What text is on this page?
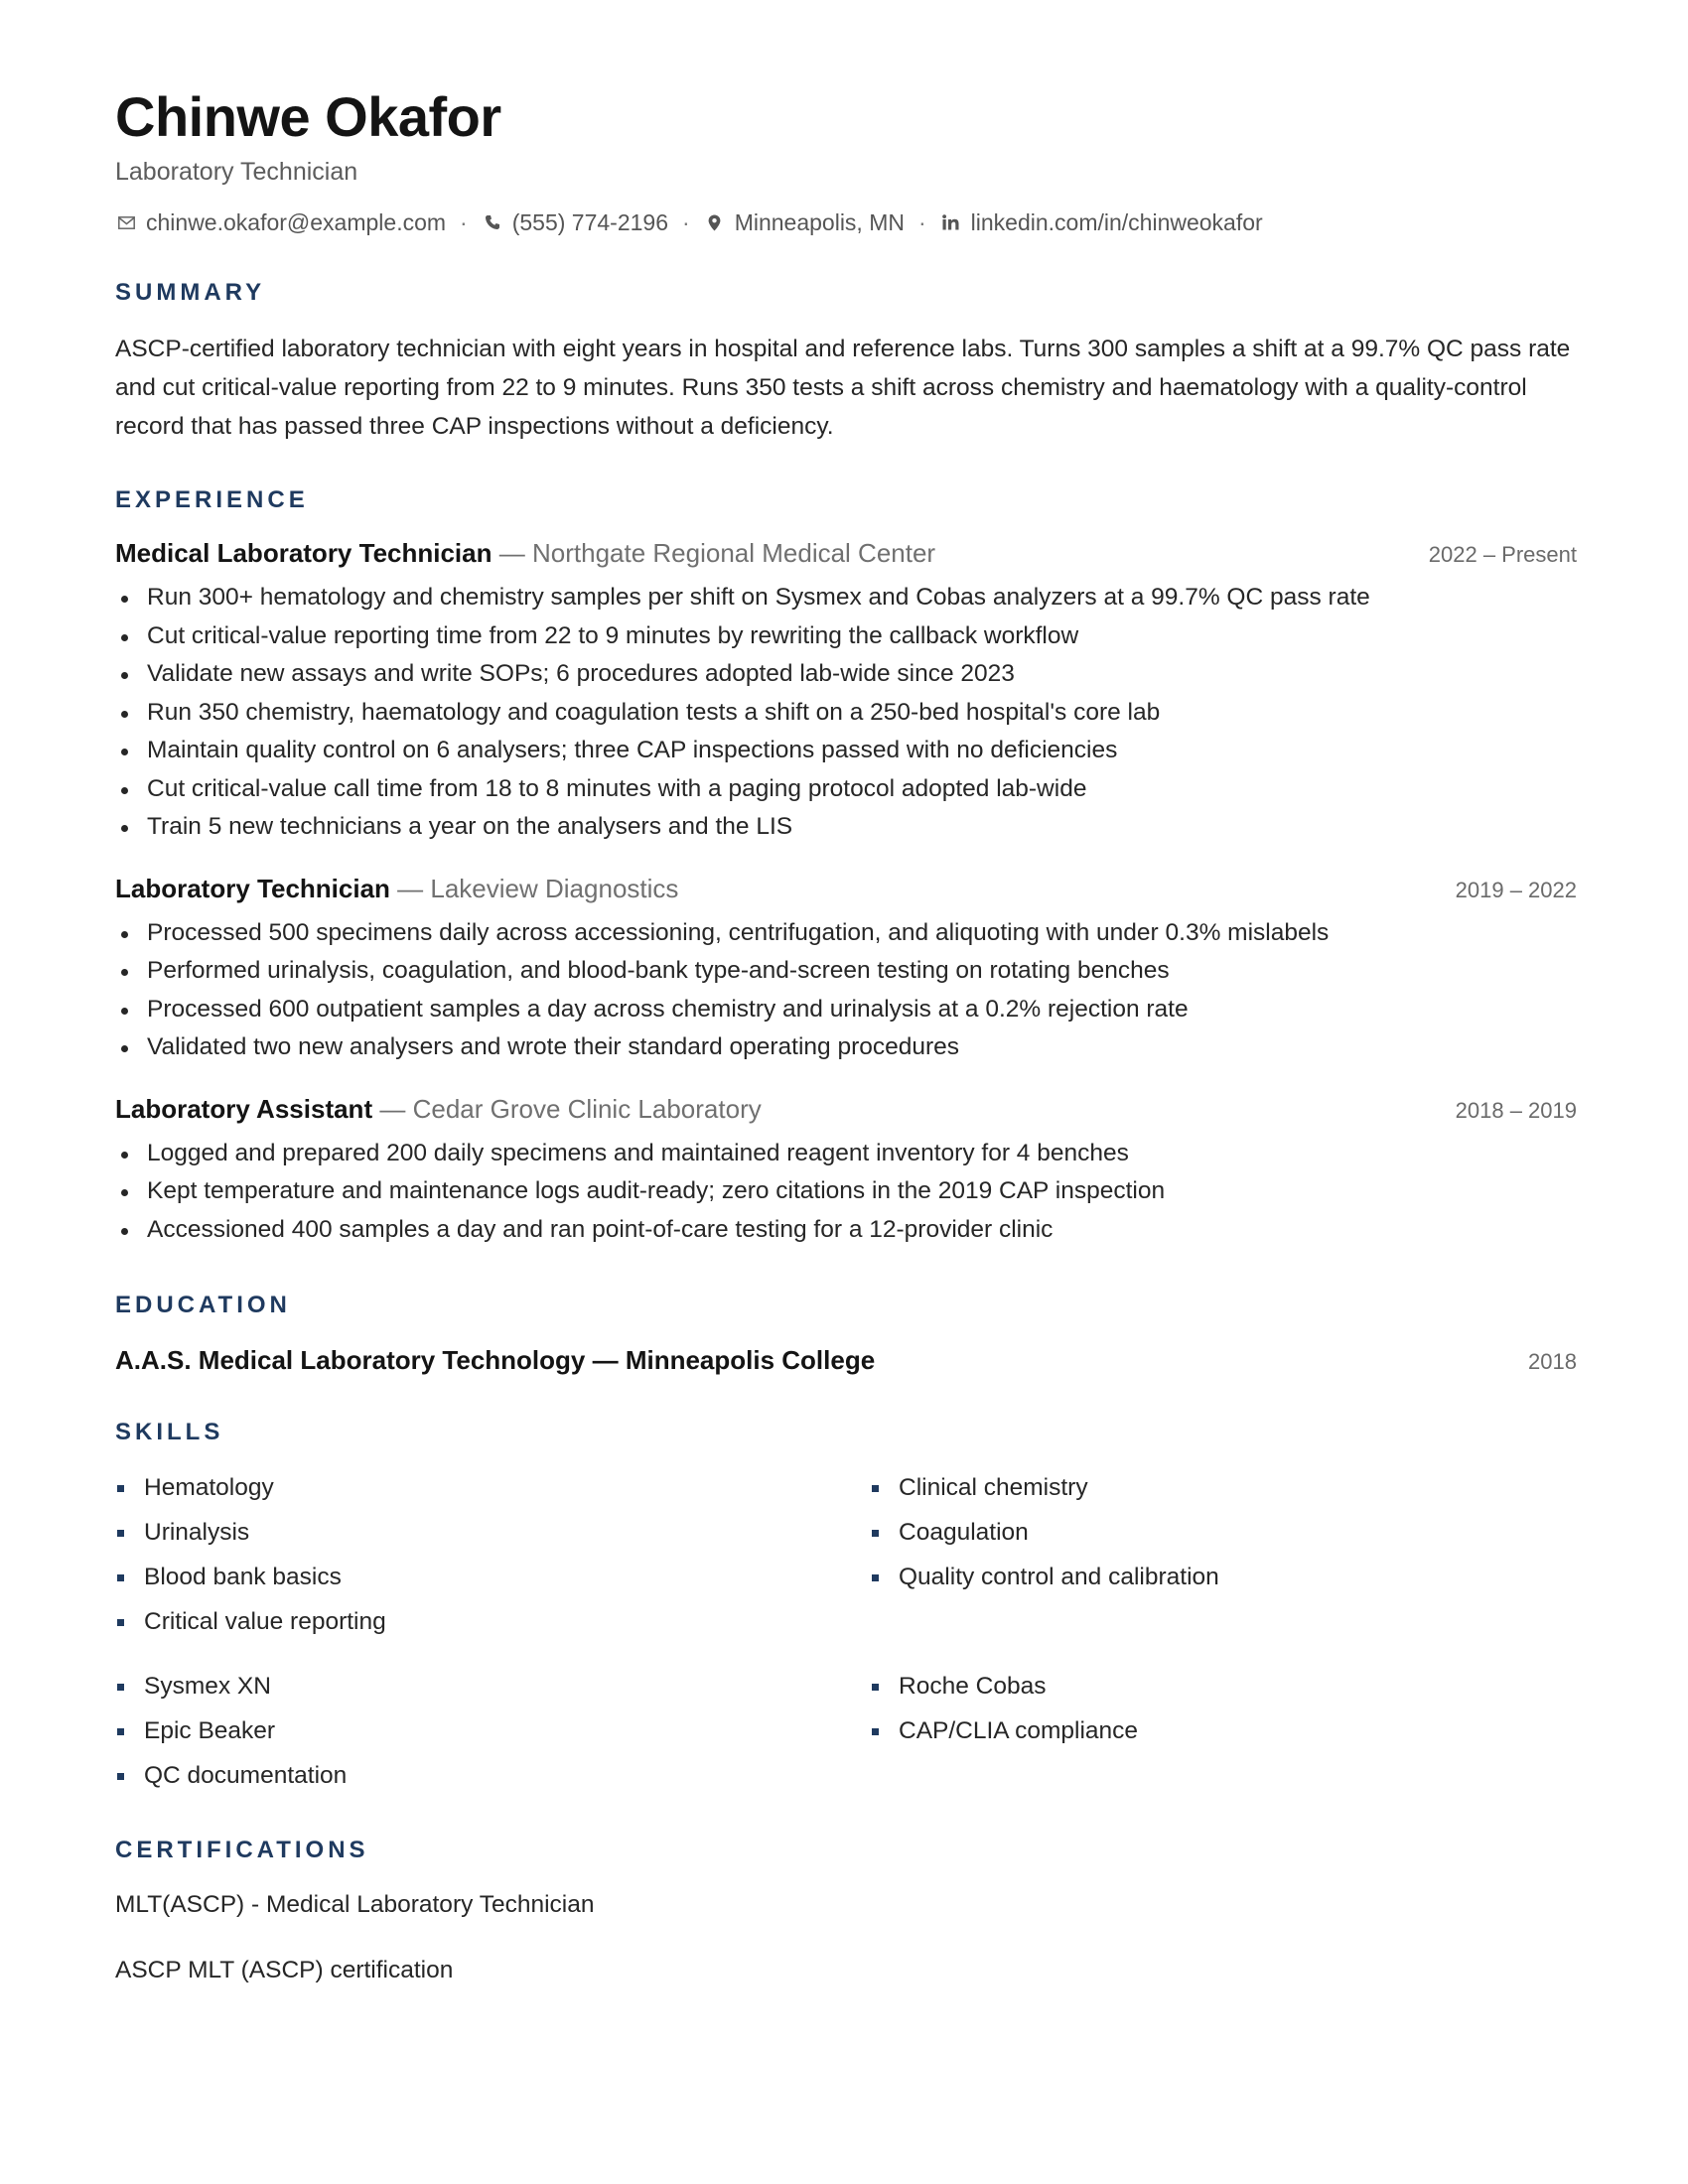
Chinwe Okafor
Laboratory Technician
chinwe.okafor@example.com · (555) 774-2196 · Minneapolis, MN · linkedin.com/in/chinweokafor
SUMMARY

ASCP-certified laboratory technician with eight years in hospital and reference labs. Turns 300 samples a shift at a 99.7% QC pass rate and cut critical-value reporting from 22 to 9 minutes. Runs 350 tests a shift across chemistry and haematology with a quality-control record that has passed three CAP inspections without a deficiency.

EXPERIENCE
Medical Laboratory Technician — Northgate Regional Medical Center	2022 – Present
Run 300+ hematology and chemistry samples per shift on Sysmex and Cobas analyzers at a 99.7% QC pass rate
Cut critical-value reporting time from 22 to 9 minutes by rewriting the callback workflow
Validate new assays and write SOPs; 6 procedures adopted lab-wide since 2023
Run 350 chemistry, haematology and coagulation tests a shift on a 250-bed hospital's core lab
Maintain quality control on 6 analysers; three CAP inspections passed with no deficiencies
Cut critical-value call time from 18 to 8 minutes with a paging protocol adopted lab-wide
Train 5 new technicians a year on the analysers and the LIS
Laboratory Technician — Lakeview Diagnostics	2019 – 2022
Processed 500 specimens daily across accessioning, centrifugation, and aliquoting with under 0.3% mislabels
Performed urinalysis, coagulation, and blood-bank type-and-screen testing on rotating benches
Processed 600 outpatient samples a day across chemistry and urinalysis at a 0.2% rejection rate
Validated two new analysers and wrote their standard operating procedures
Laboratory Assistant — Cedar Grove Clinic Laboratory	2018 – 2019
Logged and prepared 200 daily specimens and maintained reagent inventory for 4 benches
Kept temperature and maintenance logs audit-ready; zero citations in the 2019 CAP inspection
Accessioned 400 samples a day and ran point-of-care testing for a 12-provider clinic
EDUCATION
A.A.S. Medical Laboratory Technology — Minneapolis College	2018
SKILLS
Hematology
Urinalysis
Blood bank basics
Critical value reporting
Clinical chemistry
Coagulation
Quality control and calibration
Sysmex XN
Epic Beaker
QC documentation
Roche Cobas
CAP/CLIA compliance
CERTIFICATIONS
MLT(ASCP) - Medical Laboratory Technician
ASCP MLT (ASCP) certification
